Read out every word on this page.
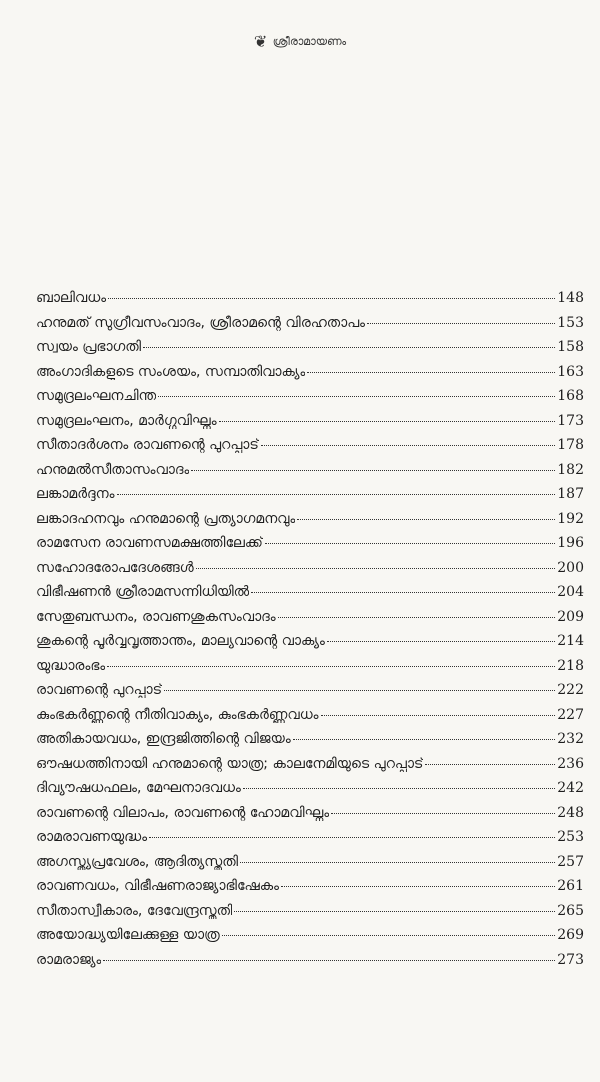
❦ ശ്രീരാമായണം
ബാലിവധം	148
ഹനുമത് സുഗ്രീവസംവാദം, ശ്രീരാമന്റെ വിരഹതാപം	153
സ്വയം പ്രഭാഗതി	158
അംഗാദികളുടെ സംശയം, സമ്പാതിവാക്യം	163
സമുദ്രലംഘനചിന്ത	168
സമുദ്രലംഘനം, മാർഗ്ഗവിഘ്നം	173
സീതാദർശനം രാവണന്റെ പുറപ്പാട്	178
ഹനുമൽസീതാസംവാദം	182
ലങ്കാമർദ്ദനം	187
ലങ്കാദഹനവും ഹനുമാന്റെ പ്രത്യാഗമനവും	192
രാമസേന രാവണസമക്ഷത്തിലേക്ക്	196
സഹോദരോപദേശങ്ങൾ	200
വിഭീഷണൻ ശ്രീരാമസന്നിധിയിൽ	204
സേതുബന്ധനം, രാവണശുകസംവാദം	209
ശുകന്റെ പൂർവ്വവൃത്താന്തം, മാല്യവാന്റെ വാക്യം	214
യുദ്ധാരംഭം	218
രാവണന്റെ പുറപ്പാട്	222
കുംഭകർണ്ണന്റെ നീതിവാക്യം, കുംഭകർണ്ണവധം	227
അതികായവധം, ഇന്ദ്രജിത്തിന്റെ വിജയം	232
ഔഷധത്തിനായി ഹനുമാന്റെ യാത്ര; കാലനേമിയുടെ പുറപ്പാട്	236
ദിവ്യൗഷധഫലം, മേഘനാദവധം	242
രാവണന്റെ വിലാപം, രാവണന്റെ ഹോമവിഘ്നം	248
രാമരാവണയുദ്ധം	253
അഗസ്ത്യപ്രവേശം, ആദിത്യസ്തുതി	257
രാവണവധം, വിഭീഷണരാജ്യാഭിഷേകം	261
സീതാസ്വീകാരം, ദേവേന്ദ്രസ്തുതി	265
അയോദ്ധ്യയിലേക്കുള്ള യാത്ര	269
രാമരാജ്യം	273
